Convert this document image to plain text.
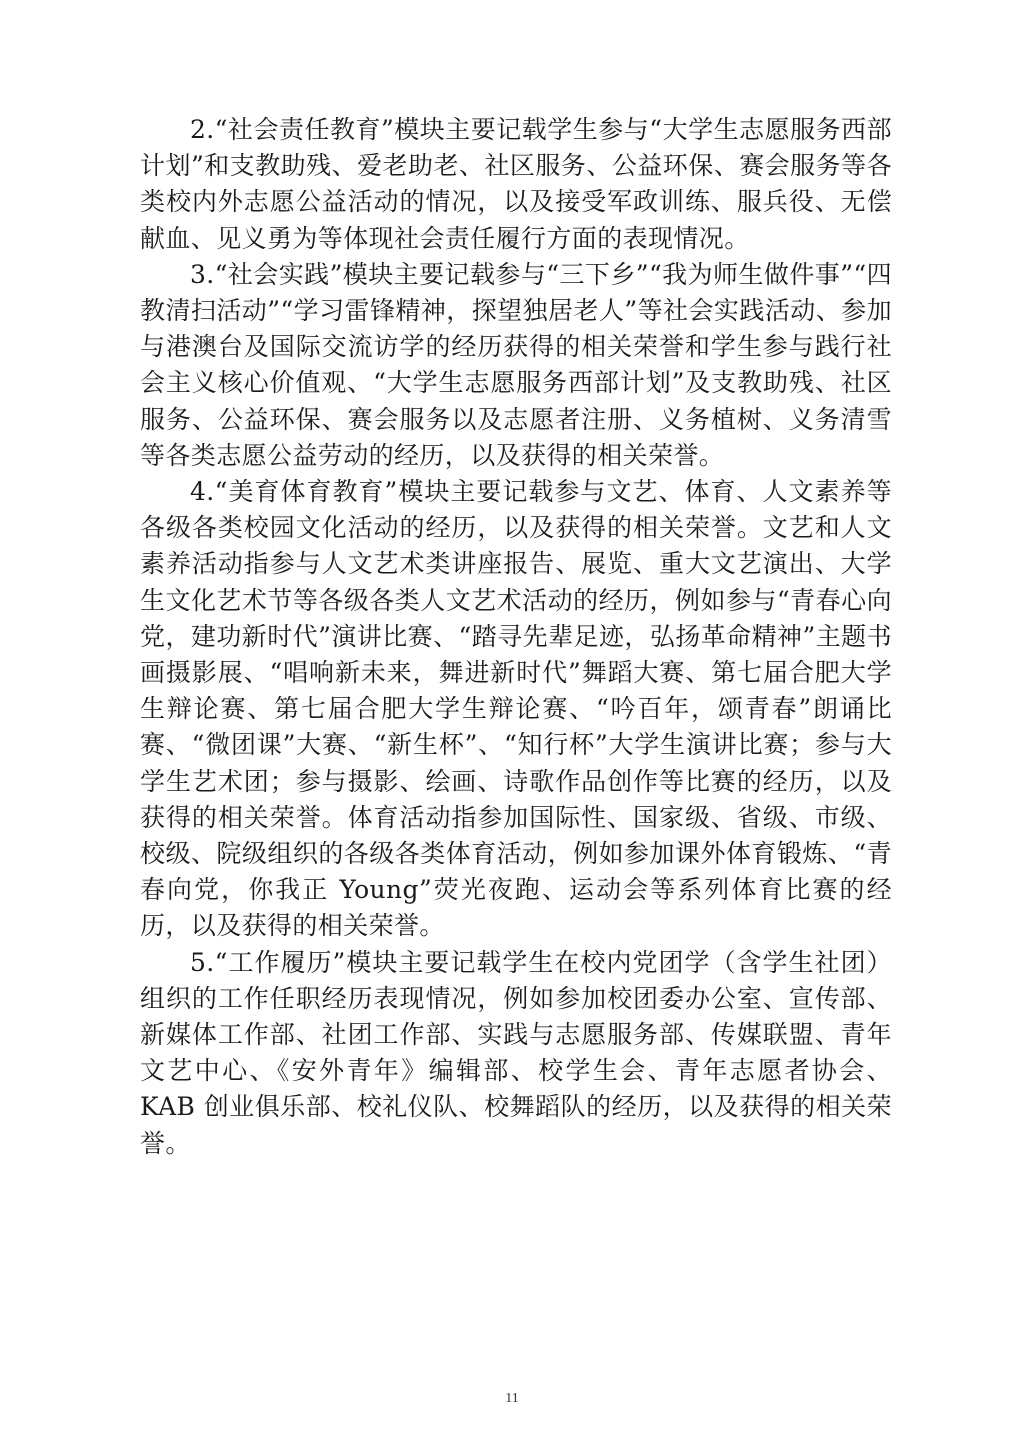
2.“社会责任教育”模块主要记载学生参与“大学生志愿服务西部计划”和支教助残、爱老助老、社区服务、公益环保、赛会服务等各类校内外志愿公益活动的情况，以及接受军政训练、服兵役、无偿献血、见义勇为等体现社会责任履行方面的表现情况。

3.“社会实践”模块主要记载参与“三下乡”“我为师生做件事”“四教清扫活动”“学习雷锋精神，探望独居老人”等社会实践活动、参加与港澳台及国际交流访学的经历获得的相关荣誉和学生参与践行社会主义核心价值观、“大学生志愿服务西部计划”及支教助残、社区服务、公益环保、赛会服务以及志愿者注册、义务植树、义务清雪等各类志愿公益劳动的经历，以及获得的相关荣誉。

4.“美育体育教育”模块主要记载参与文艺、体育、人文素养等各级各类校园文化活动的经历，以及获得的相关荣誉。文艺和人文素养活动指参与人文艺术类讲座报告、展览、重大文艺演出、大学生文化艺术节等各级各类人文艺术活动的经历，例如参与“青春心向党，建功新时代”演讲比赛、“踏寻先辈足迹，弘扬革命精神”主题书画摄影展、“唱响新未来，舞进新时代”舞蹈大赛、第七届合肥大学生辩论赛、第七届合肥大学生辩论赛、“吟百年，颂青春”朗诵比赛、“微团课”大赛、“新生杯”、“知行杯”大学生演讲比赛；参与大学生艺术团；参与摄影、绘画、诗歌作品创作等比赛的经历，以及获得的相关荣誉。体育活动指参加国际性、国家级、省级、市级、校级、院级组织的各级各类体育活动，例如参加课外体育锻炼、“青春向党，你我正 Young”荧光夜跑、运动会等系列体育比赛的经历，以及获得的相关荣誉。

5.“工作履历”模块主要记载学生在校内党团学（含学生社团）组织的工作任职经历表现情况，例如参加校团委办公室、宣传部、新媒体工作部、社团工作部、实践与志愿服务部、传媒联盟、青年文艺中心、《安外青年》编辑部、校学生会、青年志愿者协会、KAB 创业俱乐部、校礼仪队、校舞蹈队的经历，以及获得的相关荣誉。

11
